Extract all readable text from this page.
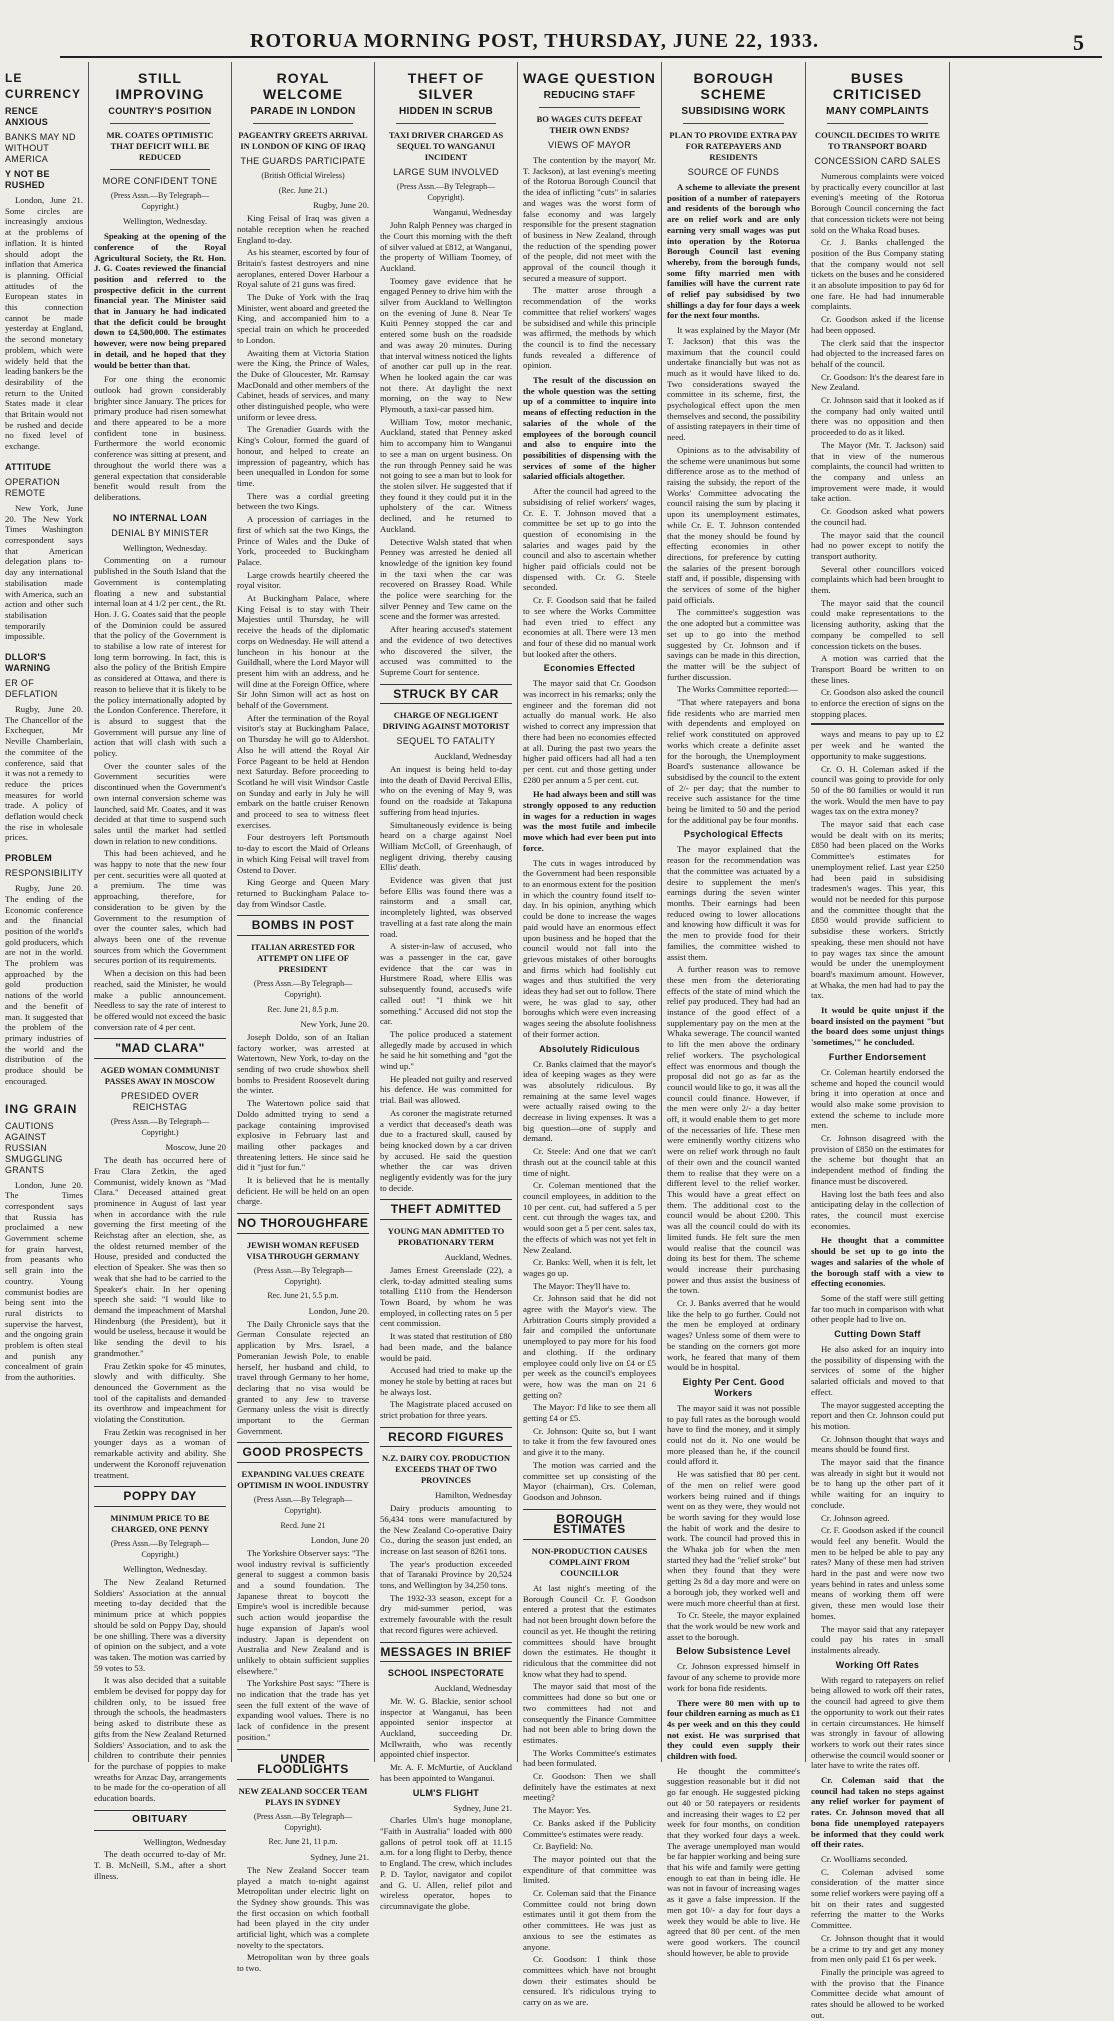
ROTORUA MORNING POST, THURSDAY, JUNE 22, 1933.	5
LE CURRENCY
RENCE ANXIOUS
BANKS MAY ND WITHOUT AMERICA
Y NOT BE RUSHED

London, June 21. Some circles are increasingly anxious at the problems of inflation. It is hinted should adopt the inflation that America is planning. Official attitudes of the European states in this connection cannot be made yesterday at England, the second monetary problem, which were widely held that the leading bankers be the desirability of the return to the United States made it clear that Britain would not be rushed and decide no fixed level of exchange.

ATTITUDE
OPERATION REMOTE

New York, June 20. The New York Times Washington correspondent says that American delegation plans to-day any international stabilisation made with America, such an action and other such stabilisation temporarily impossible.

DLLOR'S WARNING
ER OF DEFLATION

Rugby, June 20. The Chancellor of the Exchequer, Mr Neville Chamberlain, the commitee of the conference, said that it was not a remedy to reduce the prices measures for world trade. A policy of deflation would check the rise in wholesale prices.

PROBLEM
RESPONSIBILITY

Rugby, June 20. The ending of the Economic conference and the financial position of the world's gold producers, which are not in the world. The problem was approached by the gold production nations of the world and the benefit of man. It suggested that the problem of the primary industries of the world and the distribution of the produce should be encouraged.

ING GRAIN
CAUTIONS AGAINST RUSSIAN SMUGGLING GRANTS

London, June 20. The Times correspondent says that Russia has proclaimed a new Government scheme for grain harvest, from peasants who sell grain into the country. Young communist bodies are being sent into the rural districts to supervise the harvest, and the ongoing grain problem is often steal and punish any concealment of grain from the authorities.

STILL IMPROVING
COUNTRY'S POSITION
MR. COATES OPTIMISTIC THAT DEFICIT WILL BE REDUCED
MORE CONFIDENT TONE
(Press Assn.—By Telegraph—Copyright.)
Wellington, Wednesday.

Speaking at the opening of the conference of the Royal Agricultural Society, the Rt. Hon. J. G. Coates reviewed the financial position and referred to the prospective deficit in the current financial year. The Minister said that in January he had indicated that the deficit could be brought down to £4,500,000. The estimates however, were now being prepared in detail, and he hoped that they would be better than that.

For one thing the economic outlook had grown considerably brighter since January. The prices for primary produce had risen somewhat and there appeared to be a more confident tone in business. Furthermore the world economic conference was sitting at present, and throughout the world there was a general expectation that considerable benefit would result from the deliberations.

NO INTERNAL LOAN
DENIAL BY MINISTER
Wellington, Wednesday.

Commenting on a rumour published in the South Island that the Government is contemplating floating a new and substantial internal loan at 4 1/2 per cent., the Rt. Hon. J. G. Coates said that the people of the Dominion could be assured that the policy of the Government is to stabilise a low rate of interest for long term borrowing. In fact, this is also the policy of the British Empire as considered at Ottawa, and there is reason to believe that it is likely to be the policy internationally adopted by the London Conference. Therefore, it is absurd to suggest that the Government will pursue any line of action that will clash with such a policy.

Over the counter sales of the Government securities were discontinued when the Government's own internal conversion scheme was launched, said Mr. Coates, and it was decided at that time to suspend such sales until the market had settled down in relation to new conditions.

This had been achieved, and he was happy to note that the new four per cent. securities were all quoted at a premium. The time was approaching, therefore, for consideration to be given by the Government to the resumption of over the counter sales, which had always been one of the revenue sources from which the Government secures portion of its requirements.

When a decision on this had been reached, said the Minister, he would make a public announcement. Needless to say the rate of interest to be offered would not exceed the basic conversion rate of 4 per cent.

"MAD CLARA"
AGED WOMAN COMMUNIST PASSES AWAY IN MOSCOW
PRESIDED OVER REICHSTAG
(Press Assn.—By Telegraph—Copyright.)
Moscow, June 20

The death has occurred here of Frau Clara Zetkin, the aged Communist, widely known as "Mad Clara." Deceased attained great prominence in August of last year when in accordance with the rule governing the first meeting of the Reichstag after an election, she, as the oldest returned member of the House, presided and conducted the election of Speaker. She was then so weak that she had to be carried to the Speaker's chair. In her opening speech she said: "I would like to demand the impeachment of Marshal Hindenburg (the President), but it would be useless, because it would be like sending the devil to his grandmother."

Frau Zetkin spoke for 45 minutes, slowly and with difficulty. She denounced the Government as the tool of the capitalists and demanded its overthrow and impeachment for violating the Constitution.

Frau Zetkin was recognised in her younger days as a woman of remarkable activity and ability. She underwent the Koronoff rejuvenation treatment.

POPPY DAY
MINIMUM PRICE TO BE CHARGED, ONE PENNY
(Press Assn.—By Telegraph—Copyright.)
Wellington, Wednesday.

The New Zealand Returned Soldiers' Association at the annual meeting to-day decided that the minimum price at which poppies should be sold on Poppy Day, should be one shilling. There was a diversity of opinion on the subject, and a vote was taken. The motion was carried by 59 votes to 53.

It was also decided that a suitable emblem be devised for poppy day for children only, to be issued free through the schools, the headmasters being asked to distribute these as gifts from the New Zealand Returned Soldiers' Association, and to ask the children to contribute their pennies for the purchase of poppies to make wreaths for Anzac Day, arrangements to be made for the co-operation of all education boards.

OBITUARY
Wellington, Wednesday

The death occurred to-day of Mr. T. B. McNeill, S.M., after a short illness.

ROYAL WELCOME
PARADE IN LONDON
PAGEANTRY GREETS ARRIVAL IN LONDON OF KING OF IRAQ
THE GUARDS PARTICIPATE
(British Official Wireless)
(Rec. June 21.)
Rugby, June 20.

King Feisal of Iraq was given a notable reception when he reached England to-day.

As his steamer, escorted by four of Britain's fastest destroyers and nine aeroplanes, entered Dover Harbour a Royal salute of 21 guns was fired.

The Duke of York with the Iraq Minister, went aboard and greeted the King, and accompanied him to a special train on which he proceeded to London.

Awaiting them at Victoria Station were the King, the Prince of Wales, the Duke of Gloucester, Mr. Ramsay MacDonald and other members of the Cabinet, heads of services, and many other distinguished people, who were uniform or levee dress.

The Grenadier Guards with the King's Colour, formed the guard of honour, and helped to create an impression of pageantry, which has been unequalled in London for some time.

There was a cordial greeting between the two Kings.

A procession of carriages in the first of which sat the two Kings, the Prince of Wales and the Duke of York, proceeded to Buckingham Palace.

Large crowds heartily cheered the royal visitor.

At Buckingham Palace, where King Feisal is to stay with Their Majesties until Thursday, he will receive the heads of the diplomatic corps on Wednesday. He will attend a luncheon in his honour at the Guildhall, where the Lord Mayor will present him with an address, and he will dine at the Foreign Office, where Sir John Simon will act as host on behalf of the Government.

After the termination of the Royal visitor's stay at Buckingham Palace, on Thursday he will go to Aldershot. Also he will attend the Royal Air Force Pageant to be held at Hendon next Saturday. Before proceeding to Scotland he will visit Windsor Castle on Sunday and early in July he will embark on the battle cruiser Renown and proceed to sea to witness fleet exercises.

Four destroyers left Portsmouth to-day to escort the Maid of Orleans in which King Feisal will travel from Ostend to Dover.

King George and Queen Mary returned to Buckingham Palace to-day from Windsor Castle.

BOMBS IN POST
ITALIAN ARRESTED FOR ATTEMPT ON LIFE OF PRESIDENT
(Press Assn.—By Telegraph—Copyright).
Rec. June 21, 8.5 p.m.
New York, June 20.

Joseph Doldo, son of an Italian factory worker, was arrested at Watertown, New York, to-day on the sending of two crude showbox shell bombs to President Roosevelt during the winter.

The Watertown police said that Doldo admitted trying to send a package containing improvised explosive in February last and mailing other packages and threatening letters. He since said he did it "just for fun."

It is believed that he is mentally deficient. He will be held on an open charge.

NO THOROUGHFARE
JEWISH WOMAN REFUSED VISA THROUGH GERMANY
(Press Assn.—By Telegraph—Copyright).
Rec. June 21, 5.5 p.m.
London, June 20.

The Daily Chronicle says that the German Consulate rejected an application by Mrs. Israel, a Pomeranian Jewish Pole, to enable herself, her husband and child, to travel through Germany to her home, declaring that no visa would be granted to any Jew to traverse Germany unless the visit is directly important to the German Government.

GOOD PROSPECTS
EXPANDING VALUES CREATE OPTIMISM IN WOOL INDUSTRY
(Press Assn.—By Telegraph—Copyright).
Recd. June 21
London, June 20

The Yorkshire Observer says: "The wool industry revival is sufficiently general to suggest a common basis and a sound foundation. The Japanese threat to boycott the Empire's wool is incredible because such action would jeopardise the huge expansion of Japan's wool industry. Japan is dependent on Australia and New Zealand and is unlikely to obtain sufficient supplies elsewhere."

The Yorkshire Post says: "There is no indication that the trade has yet seen the full extent of the wave of expanding wool values. There is no lack of confidence in the present position."

UNDER FLOODLIGHTS
NEW ZEALAND SOCCER TEAM PLAYS IN SYDNEY
(Press Assn.—By Telegraph—Copyright).
Rec. June 21, 11 p.m.
Sydney, June 21.

The New Zealand Soccer team played a match to-night against Metropolitan under electric light on the Sydney show grounds. This was the first occasion on which football had been played in the city under artificial light, which was a complete novelty to the spectators.

Metropolitan won by three goals to two.

THEFT OF SILVER
HIDDEN IN SCRUB
TAXI DRIVER CHARGED AS SEQUEL TO WANGANUI INCIDENT
LARGE SUM INVOLVED
(Press Assn.—By Telegraph—Copyright).
Wanganui, Wednesday

John Ralph Penney was charged in the Court this morning with the theft of silver valued at £812, at Wanganui, the property of William Toomey, of Auckland.

Toomey gave evidence that he engaged Penney to drive him with the silver from Auckland to Wellington on the evening of June 8. Near Te Kuiti Penney stopped the car and entered some bush on the roadside and was away 20 minutes. During that interval witness noticed the lights of another car pull up in the rear. When he looked again the car was not there. At daylight the next morning, on the way to New Plymouth, a taxi-car passed him.

William Tow, motor mechanic, Auckland, stated that Penney asked him to accompany him to Wanganui to see a man on urgent business. On the run through Penney said he was not going to see a man but to look for the stolen silver. He suggested that if they found it they could put it in the upholstery of the car. Witness declined, and he returned to Auckland.

Detective Walsh stated that when Penney was arrested he denied all knowledge of the ignition key found in the taxi when the car was recovered on Brassey Road. While the police were searching for the silver Penney and Tew came on the scene and the former was arrested.

After hearing accused's statement and the evidence of two detectives who discovered the silver, the accused was committed to the Supreme Court for sentence.

STRUCK BY CAR
CHARGE OF NEGLIGENT DRIVING AGAINST MOTORIST
SEQUEL TO FATALITY
Auckland, Wednesday

An inquest is being held to-day into the death of David Percival Ellis, who on the evening of May 9, was found on the roadside at Takapuna suffering from head injuries.

Simultaneously evidence is being heard on a charge against Noel William McColl, of Greenhaugh, of negligent driving, thereby causing Ellis' death.

Evidence was given that just before Ellis was found there was a rainstorm and a small car, incompletely lighted, was observed travelling at a fast rate along the main road.

A sister-in-law of accused, who was a passenger in the car, gave evidence that the car was in Hurstmere Road, where Ellis was subsequently found, accused's wife called out! "I think we hit something." Accused did not stop the car.

The police produced a statement allegedly made by accused in which he said he hit something and "got the wind up."

He pleaded not guilty and reserved his defence. He was committed for trial. Bail was allowed.

As coroner the magistrate returned a verdict that deceased's death was due to a fractured skull, caused by being knocked down by a car driven by accused. He said the question whether the car was driven negligently evidently was for the jury to decide.

THEFT ADMITTED
YOUNG MAN ADMITTED TO PROBATIONARY TERM
Auckland, Wednes.

James Ernest Greenslade (22), a clerk, to-day admitted stealing sums totalling £110 from the Henderson Town Board, by whom he was employed, in collecting rates on 5 per cent commission.

It was stated that restitution of £80 had been made, and the balance would be paid.

Accused had tried to make up the money he stole by betting at races but he always lost.

The Magistrate placed accused on strict probation for three years.

RECORD FIGURES
N.Z. DAIRY COY. PRODUCTION EXCEEDS THAT OF TWO PROVINCES
Hamilton, Wednesday

Dairy products amounting to 56,434 tons were manufactured by the New Zealand Co-operative Dairy Co., during the season just ended, an increase on last season of 8261 tons.

The year's production exceeded that of Taranaki Province by 20,524 tons, and Wellington by 34,250 tons.

The 1932-33 season, except for a dry mid-summer period, was extremely favourable with the result that record figures were achieved.

MESSAGES IN BRIEF
SCHOOL INSPECTORATE
Auckland, Wednesday

Mr. W. G. Blackie, senior school inspector at Wanganui, has been appointed senior inspector at Auckland, succeeding Dr. McIlwraith, who was recently appointed chief inspector.

Mr. A. F. McMurtie, of Auckland has been appointed to Wanganui.

ULM'S FLIGHT
Sydney, June 21.

Charles Ulm's huge monoplane, "Faith in Australia" loaded with 800 gallons of petrol took off at 11.15 a.m. for a long flight to Derby, thence to England. The crew, which includes P. D. Taylor, navigator and copilot and G. U. Allen, relief pilot and wireless operator, hopes to circumnavigate the globe.

WAGE QUESTION
REDUCING STAFF
BO WAGES CUTS DEFEAT THEIR OWN ENDS?
VIEWS OF MAYOR

The contention by the mayor( Mr. T. Jackson), at last evening's meeting of the Rotorua Borough Council that the idea of inflicting "cuts" in salaries and wages was the worst form of false economy and was largely responsible for the present stagnation of business in New Zealand, through the reduction of the spending power of the people, did not meet with the approval of the council though it secured a measure of support.

The matter arose through a recommendation of the works committee that relief workers' wages be subsidised and while this principle was affirmed, the methods by which the council is to find the necessary funds revealed a difference of opinion.

The result of the discussion on the whole question was the setting up of a committee to inquire into means of effecting reduction in the salaries of the whole of the employees of the borough council and also to enquire into the possibilities of dispensing with the services of some of the higher salaried officials altogether.

After the council had agreed to the subsidising of relief workers' wages, Cr. E. T. Johnson moved that a committee be set up to go into the question of economising in the salaries and wages paid by the council and also to ascertain whether higher paid officials could not be dispensed with. Cr. G. Steele seconded.

Cr. F. Goodson said that he failed to see where the Works Committee had even tried to effect any economies at all. There were 13 men and four of these did no manual work but looked after the others.

Economies Effected

The mayor said that Cr. Goodson was incorrect in his remarks; only the engineer and the foreman did not actually do manual work. He also wished to correct any impression that there had been no economies effected at all. During the past two years the higher paid officers had all had a ten per cent. cut and those getting under £280 per annum a 5 per cent. cut.

He had always been and still was strongly opposed to any reduction in wages for a reduction in wages was the most futile and imbecile move which had ever been put into force.

The cuts in wages introduced by the Government had been responsible to an enormous extent for the position in which the country found itself to-day. In his opinion, anything which could be done to increase the wages paid would have an enormous effect upon business and he hoped that the council would not fall into the grievous mistakes of other boroughs and firms which had foolishly cut wages and thus stultified the very ideas they had set out to follow. There were, he was glad to say, other boroughs which were even increasing wages seeing the absolute foolishness of their former action.

Absolutely Ridiculous

Cr. Banks claimed that the mayor's idea of keeping wages as they were was absolutely ridiculous. By remaining at the same level wages were actually raised owing to the decrease in living expenses. It was a big question—one of supply and demand.

Cr. Steele: And one that we can't thrash out at the council table at this time of night.

Cr. Coleman mentioned that the council employees, in addition to the 10 per cent. cut, had suffered a 5 per cent. cut through the wages tax, and would soon get a 5 per cent. sales tax, the effects of which was not yet felt in New Zealand.

Cr. Banks: Well, when it is felt, let wages go up.

The Mayor: They'll have to.

Cr. Johnson said that he did not agree with the Mayor's view. The Arbitration Courts simply provided a fair and compiled the unfortunate unemployed to pay more for his food and clothing. If the ordinary employee could only live on £4 or £5 per week as the council's employees were, how was the man on 21 6 getting on?

The Mayor: I'd like to see them all getting £4 or £5.

Cr. Johnson: Quite so, but I want to take it from the few favoured ones and give it to the many.

The motion was carried and the committee set up consisting of the Mayor (chairman), Crs. Coleman, Goodson and Johnson.

BOROUGH ESTIMATES
NON-PRODUCTION CAUSES COMPLAINT FROM COUNCILLOR

At last night's meeting of the Borough Council Cr. F. Goodson entered a protest that the estimates had not been brought down before the council as yet. He thought the retiring committees should have brought down the estimates. He thought it ridiculous that the committee did not know what they had to spend.

The mayor said that most of the committees had done so but one or two committees had not and consequently the Finance Committee had not been able to bring down the estimates.

The Works Committee's estimates had been formulated.

Cr. Goodson: Then we shall definitely have the estimates at next meeting?

The Mayor: Yes.

Cr. Banks asked if the Publicity Committee's estimates were ready.

Cr. Bayfield: No.

The mayor pointed out that the expenditure of that committee was limited.

Cr. Coleman said that the Finance Committee could not bring down estimates until it got them from the other committees. He was just as anxious to see the estimates as anyone.

Cr. Goodson: I think those committees which have not brought down their estimates should be censured. It's ridiculous trying to carry on as we are.

BOROUGH SCHEME
SUBSIDISING WORK
PLAN TO PROVIDE EXTRA PAY FOR RATEPAYERS AND RESIDENTS
SOURCE OF FUNDS

A scheme to alleviate the present position of a number of ratepayers and residents of the borough who are on relief work and are only earning very small wages was put into operation by the Rotorua Borough Council last evening whereby, from the borough funds, some fifty married men with families will have the current rate of relief pay subsidised by two shillings a day for four days a week for the next four months.

It was explained by the Mayor (Mr T. Jackson) that this was the maximum that the council could undertake financially but was not as much as it would have liked to do. Two considerations swayed the committee in its scheme, first, the psychological effect upon the men themselves and second, the possibility of assisting ratepayers in their time of need.

Opinions as to the advisability of the scheme were unanimous but some difference arose as to the method of raising the subsidy, the report of the Works' Committee advocating the council raising the sum by placing it upon its unemployment estimates, while Cr. E. T. Johnson contended that the money should be found by effecting economies in other directions, for preference by cutting the salaries of the present borough staff and, if possible, dispensing with the services of some of the higher paid officials.

The committee's suggestion was the one adopted but a committee was set up to go into the method suggested by Cr. Johnson and if savings can be made in this direction, the matter will be the subject of further discussion.

The Works Committee reported:—

"That where ratepayers and bona fide residents who are married men with dependents and employed on relief work constituted on approved works which create a definite asset for the borough, the Unemployment Board's sustenance allowance be subsidised by the council to the extent of 2/- per day; that the number to receive such assistance for the time being be limited to 50 and the period for the additional pay be four months.

Psychological Effects

The mayor explained that the reason for the recommendation was that the committee was actuated by a desire to supplement the men's earnings during the seven winter months. Their earnings had been reduced owing to lower allocations and knowing how difficult it was for the men to provide food for their families, the committee wished to assist them.

A further reason was to remove these men from the deteriorating effects of the state of mind which the relief pay produced. They had had an instance of the good effect of a supplementary pay on the men at the Whaka sewerage. The council wanted to lift the men above the ordinary relief workers. The psychological effect was enormous and though the proposal did not go as far as the council would like to go, it was all the council could finance. However, if the men were only 2/- a day better off, it would enable them to get more of the necessaries of life. These men were eminently worthy citizens who were on relief work through no fault of their own and the council wanted them to realise that they were on a different level to the relief worker. This would have a great effect on them. The additional cost to the council would be about £200. This was all the council could do with its limited funds. He felt sure the men would realise that the council was doing its best for them. The scheme would increase their purchasing power and thus assist the business of the town.

Cr. J. Banks averred that he would like the help to go further. Could not the men be employed at ordinary wages? Unless some of them were to be standing on the corners got more work, he feared that many of them would be in hospital.

Eighty Per Cent. Good Workers

The mayor said it was not possible to pay full rates as the borough would have to find the money, and it simply could not do it. No one would be more pleased than he, if the council could afford it.

He was satisfied that 80 per cent. of the men on relief were good workers being ruined and if things went on as they were, they would not be worth saving for they would lose the habit of work and the desire to work. The council had proved this in the Whaka job for when the men started they had the "relief stroke" but when they found that they were getting 2s 8d a day more and were on a borough job, they worked well and were much more cheerful than at first.

To Cr. Steele, the mayor explained that the work would be new work and asset to the borough.

Below Subsistence Level

Cr. Johnson expressed himself in favour of any scheme to provide more work for bona fide residents.

There were 80 men with up to four children earning as much as £1 4s per week and on this they could not exist. He was surprised that they could even supply their children with food.

He thought the committee's suggestion reasonable but it did not go far enough. He suggested picking out 40 or 50 ratepayers or residents and increasing their wages to £2 per week for four months, on condition that they worked four days a week. The average unemployed man would be far happier working and being sure that his wife and family were getting enough to eat than in being idle. He was not in favour of increasing wages as it gave a false impression. If the men got 10/- a day for four days a week they would be able to live. He agreed that 80 per cent. of the men were good workers. The council should however, be able to provide

BUSES CRITICISED
MANY COMPLAINTS
COUNCIL DECIDES TO WRITE TO TRANSPORT BOARD
CONCESSION CARD SALES

Numerous complaints were voiced by practically every councillor at last evening's meeting of the Rotorua Borough Council concerning the fact that concession tickets were not being sold on the Whaka Road buses.

Cr. J. Banks challenged the position of the Bus Company stating that the company would not sell tickets on the buses and he considered it an absolute imposition to pay 6d for one fare. He had had innumerable complaints.

Cr. Goodson asked if the license had been opposed.

The clerk said that the inspector had objected to the increased fares on behalf of the council.

Cr. Goodson: It's the dearest fare in New Zealand.

Cr. Johnson said that it looked as if the company had only waited until there was no opposition and then proceeded to do as it liked.

The Mayor (Mr. T. Jackson) said that in view of the numerous complaints, the council had written to the company and unless an improvement were made, it would take action.

Cr. Goodson asked what powers the council had.

The mayor said that the council had no power except to notify the transport authority.

Several other councillors voiced complaints which had been brought to them.

The mayor said that the council could make representations to the licensing authority, asking that the company be compelled to sell concession tickets on the buses.

A motion was carried that the Transport Board be written to on these lines.

Cr. Goodson also asked the council to enforce the erection of signs on the stopping places.

ways and means to pay up to £2 per week and he wanted the opportunity to make suggestions.

Cr. O. H. Coleman asked if the council was going to provide for only 50 of the 80 families or would it run the work. Would the men have to pay wages tax on the extra money?

The mayor said that each case would be dealt with on its merits; £850 had been placed on the Works Committee's estimates for unemployment relief. Last year £250 had been paid in subsidising tradesmen's wages. This year, this would not be needed for this purpose and the committee thought that the £850 would provide sufficient to subsidise these workers. Strictly speaking, these men should not have to pay wages tax since the amount would be under the unemployment board's maximum amount. However, at Whaka, the men had had to pay the tax.

It would be quite unjust if the board insisted on the payment "but the board does some unjust things 'sometimes,'" he concluded.

Further Endorsement

Cr. Coleman heartily endorsed the scheme and hoped the council would bring it into operation at once and would also make some provision to extend the scheme to include more men.

Cr. Johnson disagreed with the provision of £850 on the estimates for the scheme but thought that an independent method of finding the finance must be discovered.

Having lost the bath fees and also anticipating delay in the collection of rates, the council must exercise economies.

He thought that a committee should be set up to go into the wages and salaries of the whole of the borough staff with a view to effecting economies.

Some of the staff were still getting far too much in comparison with what other people had to live on.

Cutting Down Staff

He also asked for an inquiry into the possibility of dispensing with the services of some of the higher salaried officials and moved to that effect.

The mayor suggested accepting the report and then Cr. Johnson could put his motion.

Cr. Johnson thought that ways and means should be found first.

The mayor said that the finance was already in sight but it would not be to hang up the other part of it while waiting for an inquiry to conclude.

Cr. Johnson agreed.

Cr. F. Goodson asked if the council would feel any benefit. Would the men to be helped be able to pay any rates? Many of these men had striven hard in the past and were now two years behind in rates and unless some means of working them off were given, these men would lose their homes.

The mayor said that any ratepayer could pay his rates in small instalments already.

Working Off Rates

With regard to ratepayers on relief being allowed to work off their rates, the council had agreed to give them the opportunity to work out their rates in certain circumstances. He himself was strongly in favour of allowing workers to work out their rates since otherwise the council would sooner or later have to write the rates off.

Cr. Coleman said that the council had taken no steps against any relief worker for payment of rates. Cr. Johnson moved that all bona fide unemployed ratepayers be informed that they could work off their rates.

Cr. Woolliams seconded.

C. Coleman advised some consideration of the matter since some relief workers were paying off a bit on their rates and suggested referring the matter to the Works Committee.

Cr. Johnson thought that it would be a crime to try and get any money from men only paid £1 6s per week.

Finally the principle was agreed to with the proviso that the Finance Committee decide what amount of rates should be allowed to be worked out.
